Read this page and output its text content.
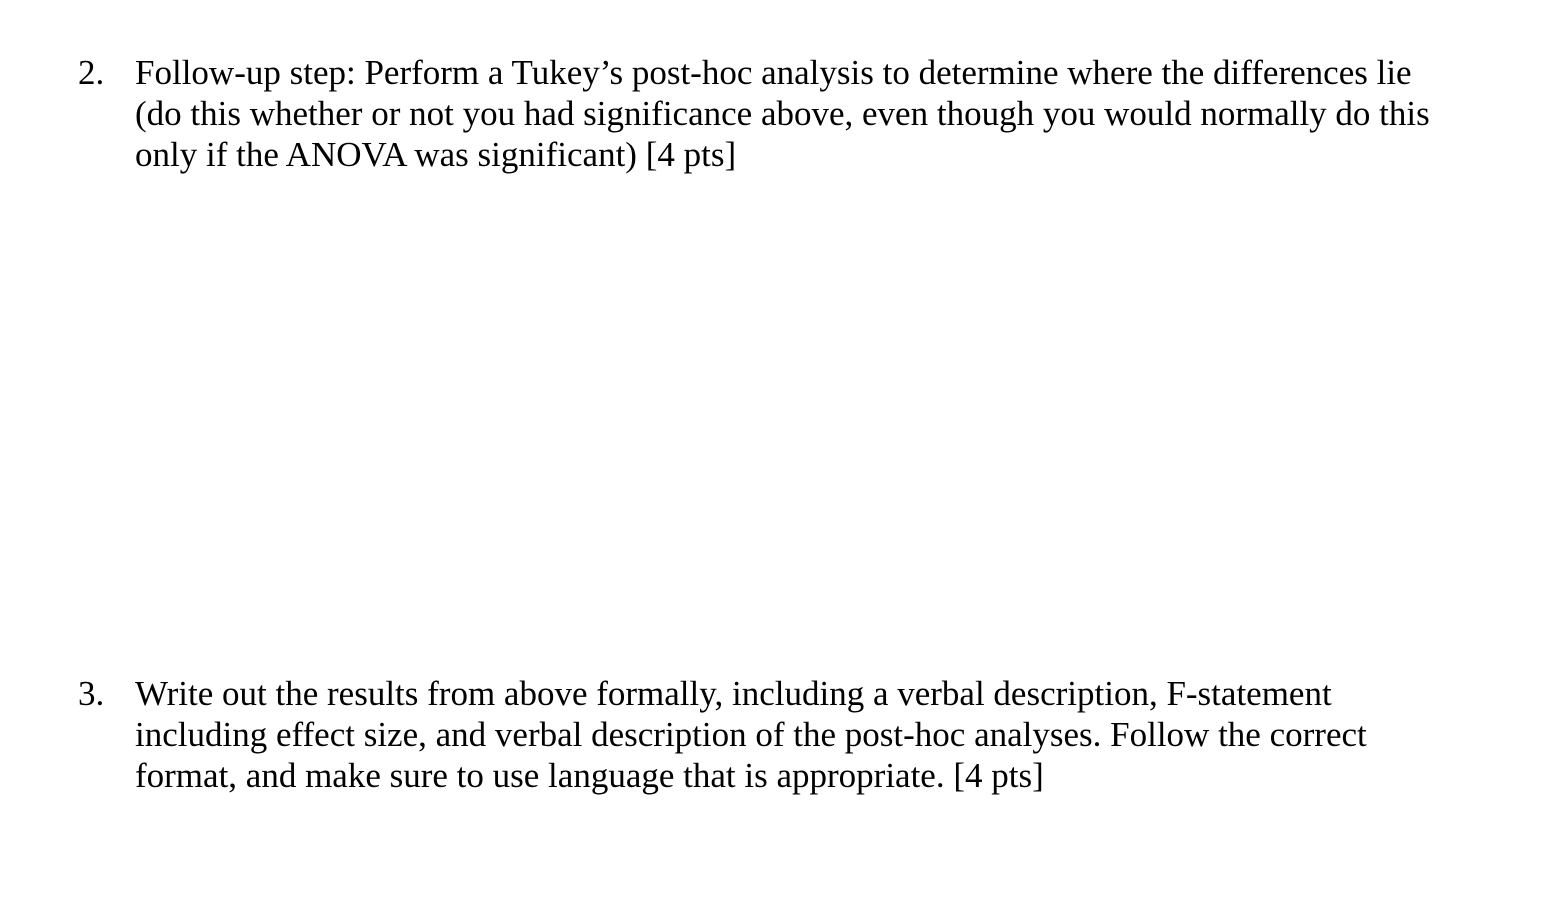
2. Follow-up step: Perform a Tukey’s post-hoc analysis to determine where the differences lie
(do this whether or not you had significance above, even though you would normally do this
only if the ANOVA was significant) [4 pts]
3. Write out the results from above formally, including a verbal description, F-statement
including effect size, and verbal description of the post-hoc analyses. Follow the correct
format, and make sure to use language that is appropriate. [4 pts]
